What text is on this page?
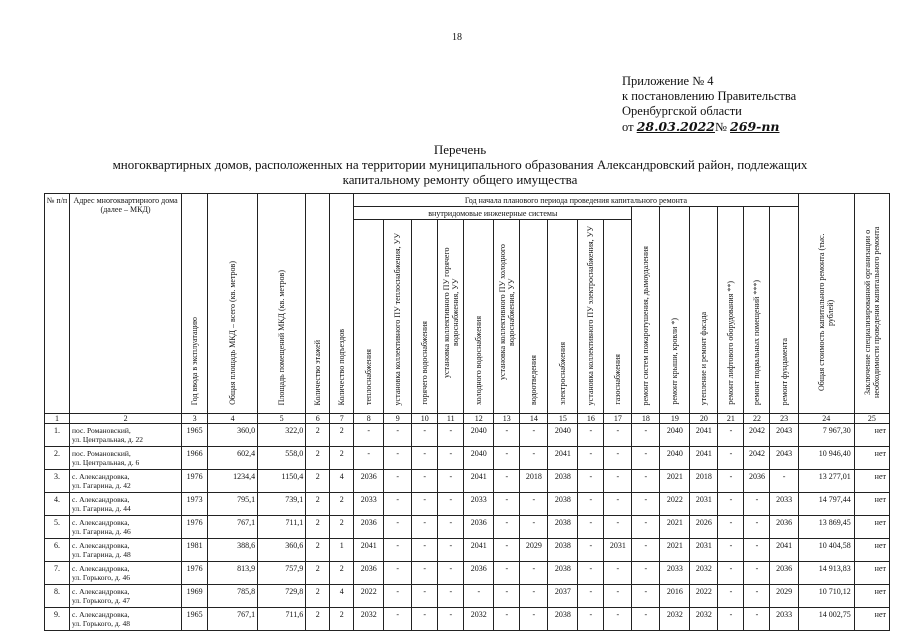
18
Приложение № 4
к постановлению Правительства
Оренбургской области
от 28.03.2022№ 269-пп
Перечень
многоквартирных домов, расположенных на территории муниципального образования Александровский район, подлежащих
капитальному ремонту общего имущества
№ п/п	Адрес многоквартирного дома (далее – МКД)	Год ввода в эксплуатацию	Общая площадь МКД – всего (кв. метров)	Площадь помещений МКД (кв. метров)	Количество этажей	Количество подъездов	Год начала планового периода проведения капитального ремонта																Общая стоимость капитального ремонта (тыс. рублей)	Заключение специализированной организации о необходимости проведения капитального ремонта
							внутридомовые инженерные системы										ремонт систем пожаротушения, дымоудаления	ремонт крыши, кровли *)	утепление и ремонт фасада	ремонт лифтового оборудования **)	ремонт подвальных помещений ***)	ремонт фундамента		
							теплоснабжения	установка коллективного ПУ теплоснабжения, УУ	горячего водоснабжения	установка коллективного ПУ горячего водоснабжения, УУ	холодного водоснабжения	установка коллективного ПУ холодного водоснабжения, УУ	водоотведения	электроснабжения	установка коллективного ПУ электроснабжения, УУ	газоснабжения								
1	2	3	4	5	6	7	8	9	10	11	12	13	14	15	16	17	18	19	20	21	22	23	24	25
1.	пос. Романовский,
ул. Центральная, д. 22	1965	360,0	322,0	2	2	-	-	-	-	2040	-	-	2040	-	-	-	2040	2041	-	2042	2043	7 967,30	нет
2.	пос. Романовский,
ул. Центральная, д. 6	1966	602,4	558,0	2	2	-	-	-	-	2040	-	-	2041	-	-	-	2040	2041	-	2042	2043	10 946,40	нет
3.	с. Александровка,
ул. Гагарина, д. 42	1976	1234,4	1150,4	2	4	2036	-	-	-	2041	-	2018	2038	-	-	-	2021	2018	-	2036	-	13 277,01	нет
4.	с. Александровка,
ул. Гагарина, д. 44	1973	795,1	739,1	2	2	2033	-	-	-	2033	-	-	2038	-	-	-	2022	2031	-	-	2033	14 797,44	нет
5.	с. Александровка,
ул. Гагарина, д. 46	1976	767,1	711,1	2	2	2036	-	-	-	2036	-	-	2038	-	-	-	2021	2026	-	-	2036	13 869,45	нет
6.	с. Александровка,
ул. Гагарина, д. 48	1981	388,6	360,6	2	1	2041	-	-	-	2041	-	2029	2038	-	2031	-	2021	2031	-	-	2041	10 404,58	нет
7.	с. Александровка,
ул. Горького, д. 46	1976	813,9	757,9	2	2	2036	-	-	-	2036	-	-	2038	-	-	-	2033	2032	-	-	2036	14 913,83	нет
8.	с. Александровка,
ул. Горького, д. 47	1969	785,8	729,8	2	4	2022	-	-	-	-	-	-	2037	-	-	-	2016	2022	-	-	2029	10 710,12	нет
9.	с. Александровка,
ул. Горького, д. 48	1965	767,1	711,6	2	2	2032	-	-	-	2032	-	-	2038	-	-	-	2032	2032	-	-	2033	14 002,75	нет
